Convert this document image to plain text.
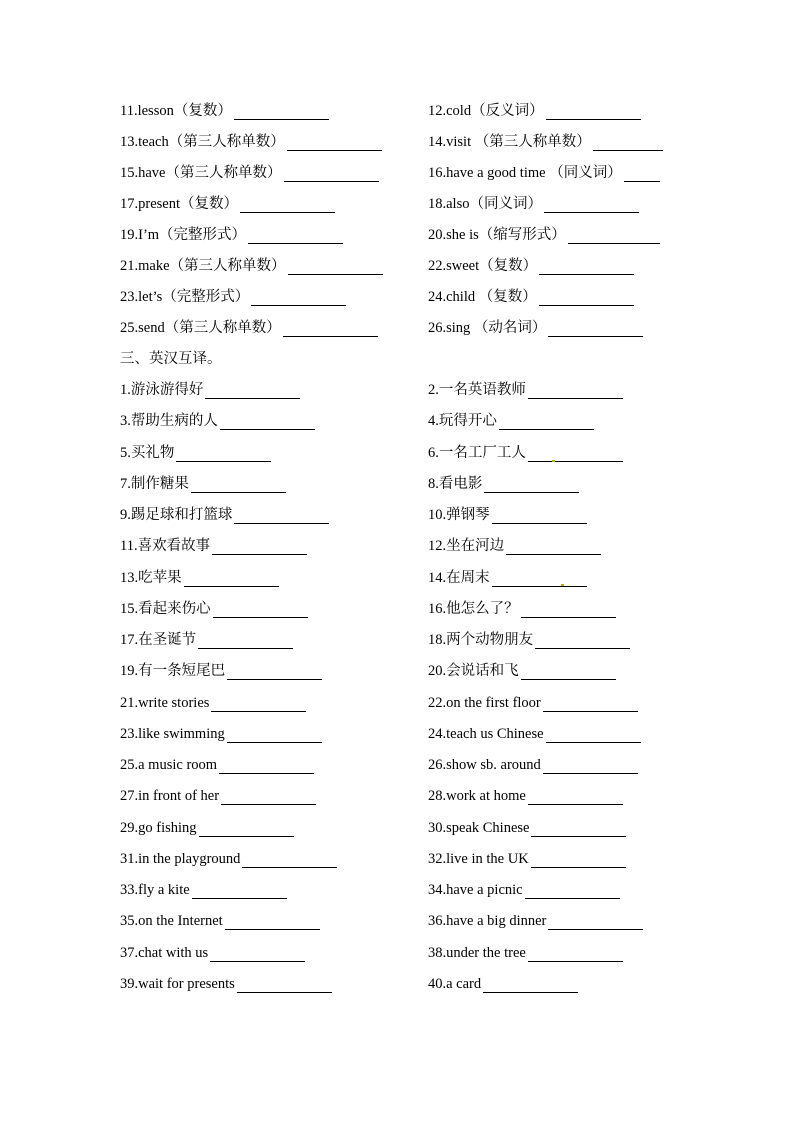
11.lesson（复数）	12.cold（反义词）
13.teach（第三人称单数）	14.visit （第三人称单数）
15.have（第三人称单数）	16.have a good time （同义词）
17.present（复数）	18.also（同义词）
19.I’m（完整形式）	20.she is（缩写形式）
21.make（第三人称单数）	22.sweet（复数）
23.let’s（完整形式）	24.child （复数）
25.send（第三人称单数）	26.sing （动名词）
三、英汉互译。
1.游泳游得好	2.一名英语教师
3.帮助生病的人	4.玩得开心
5.买礼物	6.一名工厂工人
7.制作糖果	8.看电影
9.踢足球和打篮球	10.弹钢琴
11.喜欢看故事	12.坐在河边
13.吃苹果	14.在周末
15.看起来伤心	16.他怎么了？
17.在圣诞节	18.两个动物朋友
19.有一条短尾巴	20.会说话和飞
21.write stories	22.on the first floor
23.like swimming	24.teach us Chinese
25.a music room	26.show sb. around
27.in front of her	28.work at home
29.go fishing	30.speak Chinese
31.in the playground	32.live in the UK
33.fly a kite	34.have a picnic
35.on the Internet	36.have a big dinner
37.chat with us	38.under the tree
39.wait for presents	40.a card
